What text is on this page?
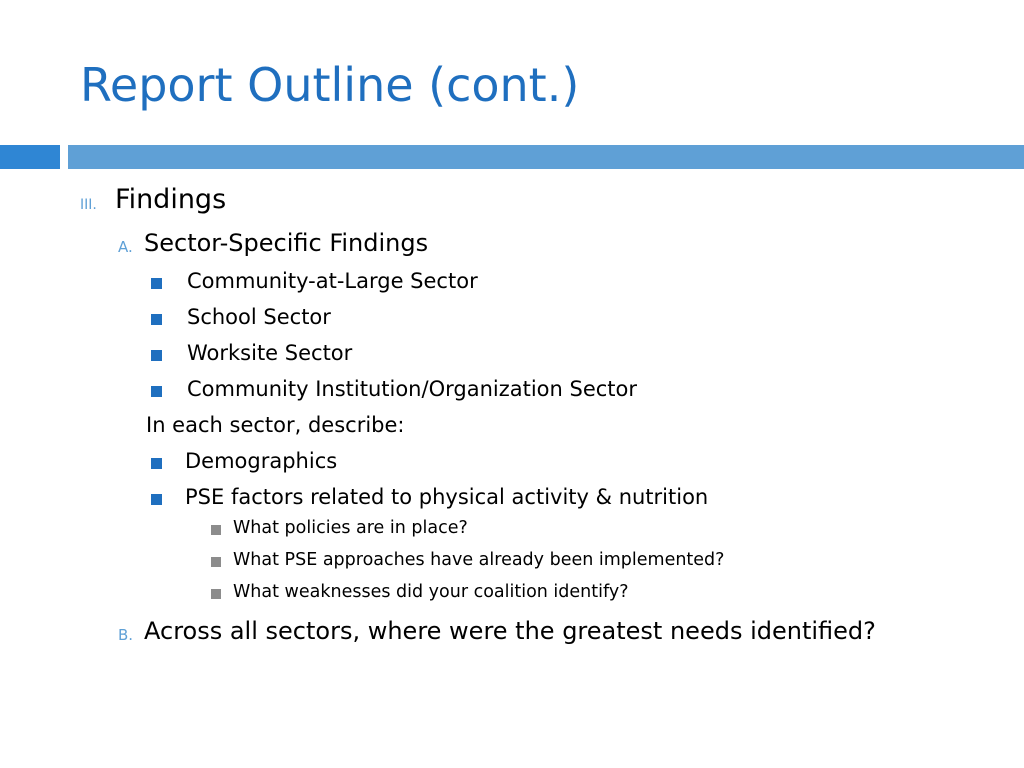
Report Outline (cont.)
III. Findings
A. Sector-Specific Findings
Community-at-Large Sector
School Sector
Worksite Sector
Community Institution/Organization Sector
In each sector, describe:
Demographics
PSE factors related to physical activity & nutrition
What policies are in place?
What PSE approaches have already been implemented?
What weaknesses did your coalition identify?
B. Across all sectors, where were the greatest needs identified?
